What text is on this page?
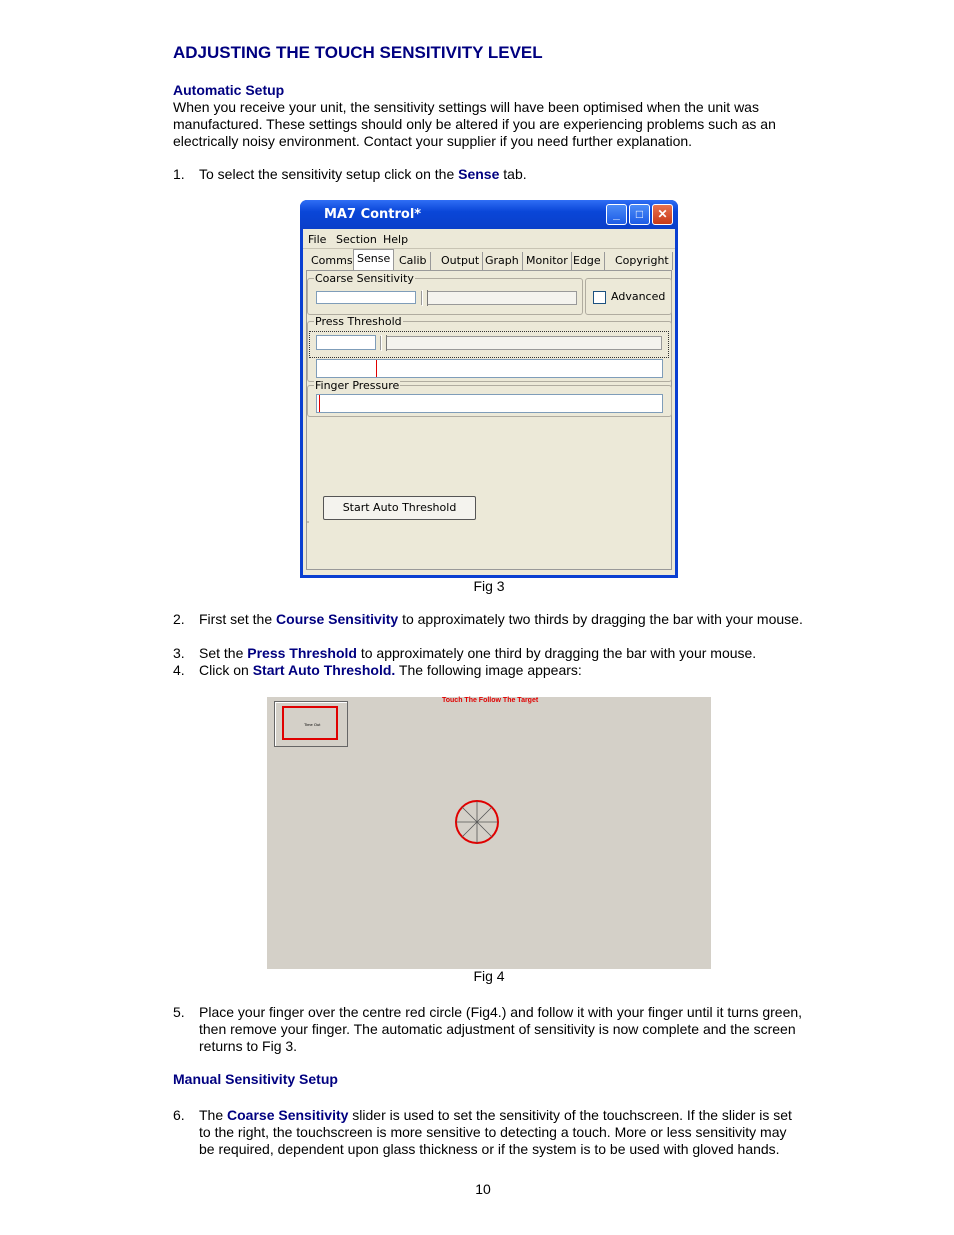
ADJUSTING THE TOUCH SENSITIVITY LEVEL
Automatic Setup

When you receive your unit, the sensitivity settings will have been optimised when the unit was manufactured. These settings should only be altered if you are experiencing problems such as an electrically noisy environment. Contact your supplier if you need further explanation.

1. To select the sensitivity setup click on the Sense tab.
MA7 Control*	_	□	✕
File Section Help
Comms Sense Calib	Output Graph Monitor Edge	Copyright
Coarse Sensitivity
Advanced
Press Threshold
Finger Pressure
Start Auto Threshold
Fig 3
2. First set the Course Sensitivity to approximately two thirds by dragging the bar with your mouse.
3. Set the Press Threshold to approximately one third by dragging the bar with your mouse.
4. Click on Start Auto Threshold. The following image appears:
Touch The Follow The Target
Time Out
Fig 4
5. Place your finger over the centre red circle (Fig4.) and follow it with your finger until it turns green, then remove your finger. The automatic adjustment of sensitivity is now complete and the screen returns to Fig 3.
Manual Sensitivity Setup
6. The Coarse Sensitivity slider is used to set the sensitivity of the touchscreen. If the slider is set to the right, the touchscreen is more sensitive to detecting a touch. More or less sensitivity may be required, dependent upon glass thickness or if the system is to be used with gloved hands.
10
